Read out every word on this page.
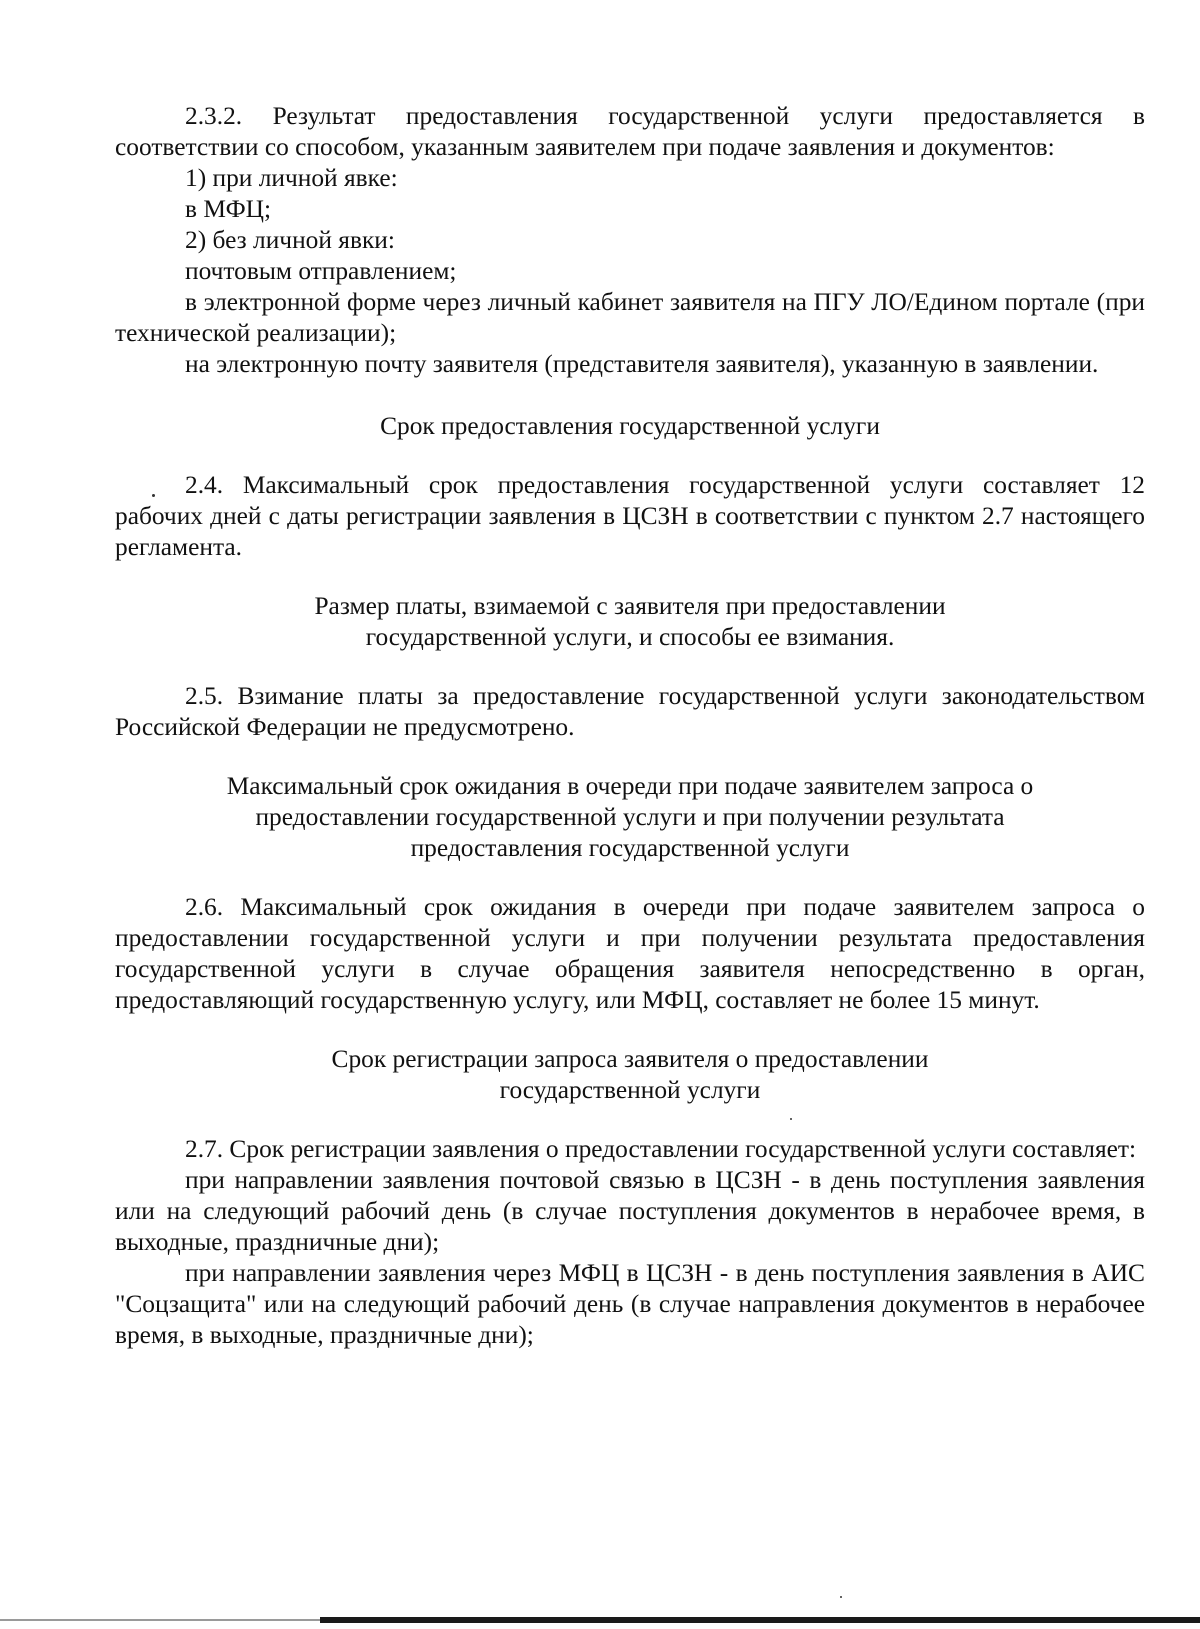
2.3.2. Результат предоставления государственной услуги предоставляется в соответствии со способом, указанным заявителем при подаче заявления и документов:

1) при личной явке:

в МФЦ;

2) без личной явки:

почтовым отправлением;

в электронной форме через личный кабинет заявителя на ПГУ ЛО/Едином портале (при технической реализации);

на электронную почту заявителя (представителя заявителя), указанную в заявлении.

Срок предоставления государственной услуги

2.4. Максимальный срок предоставления государственной услуги составляет 12 рабочих дней с даты регистрации заявления в ЦСЗН в соответствии с пунктом 2.7 настоящего регламента.

Размер платы, взимаемой с заявителя при предоставлении
государственной услуги, и способы ее взимания.

2.5. Взимание платы за предоставление государственной услуги законодательством Российской Федерации не предусмотрено.

Максимальный срок ожидания в очереди при подаче заявителем запроса о
предоставлении государственной услуги и при получении результата
предоставления государственной услуги

2.6. Максимальный срок ожидания в очереди при подаче заявителем запроса о предоставлении государственной услуги и при получении результата предоставления государственной услуги в случае обращения заявителя непосредственно в орган, предоставляющий государственную услугу, или МФЦ, составляет не более 15 минут.

Срок регистрации запроса заявителя о предоставлении
государственной услуги

2.7. Срок регистрации заявления о предоставлении государственной услуги составляет:

при направлении заявления почтовой связью в ЦСЗН - в день поступления заявления или на следующий рабочий день (в случае поступления документов в нерабочее время, в выходные, праздничные дни);

при направлении заявления через МФЦ в ЦСЗН - в день поступления заявления в АИС "Соцзащита" или на следующий рабочий день (в случае направления документов в нерабочее время, в выходные, праздничные дни);
